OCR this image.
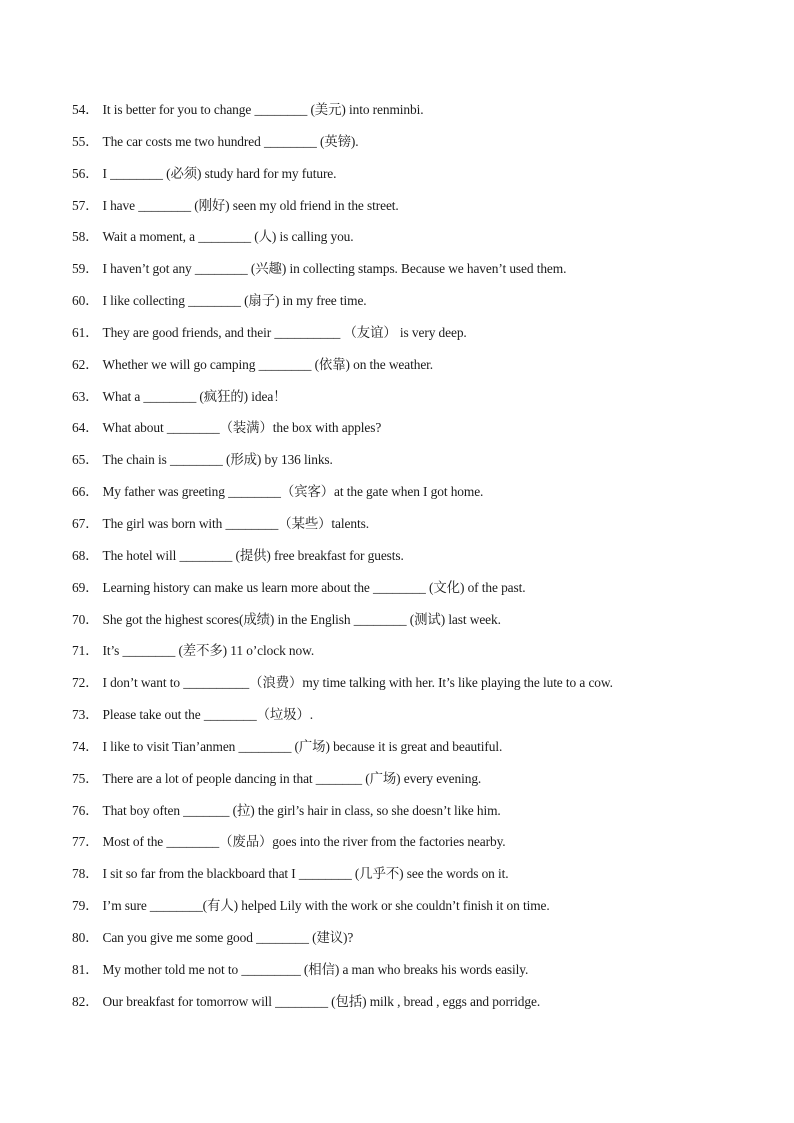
54． It is better for you to change ________ (美元) into renminbi.
55． The car costs me two hundred ________ (英镑).
56． I ________ (必须) study hard for my future.
57． I have ________ (刚好) seen my old friend in the street.
58． Wait a moment, a ________ (人) is calling you.
59． I haven’t got any ________ (兴趣) in collecting stamps. Because we haven’t used them.
60． I like collecting ________ (扇子) in my free time.
61． They are good friends, and their __________ （友谊） is very deep.
62． Whether we will go camping ________ (依靠) on the weather.
63． What a ________ (疯狂的) idea！
64． What about ________（装满）the box with apples?
65． The chain is ________ (形成) by 136 links.
66． My father was greeting ________（宾客）at the gate when I got home.
67． The girl was born with ________（某些）talents.
68． The hotel will ________ (提供) free breakfast for guests.
69． Learning history can make us learn more about the ________ (文化) of the past.
70． She got the highest scores(成绩) in the English ________ (测试) last week.
71． It’s ________ (差不多) 11 o’clock now.
72． I don’t want to __________（浪费）my time talking with her. It’s like playing the lute to a cow.
73． Please take out the ________（垃圾）.
74． I like to visit Tian’anmen ________ (广场) because it is great and beautiful.
75． There are a lot of people dancing in that _______ (广场) every evening.
76． That boy often _______ (拉) the girl’s hair in class, so she doesn’t like him.
77． Most of the ________（废品）goes into the river from the factories nearby.
78． I sit so far from the blackboard that I ________ (几乎不) see the words on it.
79． I’m sure ________(有人) helped Lily with the work or she couldn’t finish it on time.
80． Can you give me some good ________ (建议)?
81． My mother told me not to _________ (相信) a man who breaks his words easily.
82． Our breakfast for tomorrow will ________ (包括) milk , bread , eggs and porridge.
